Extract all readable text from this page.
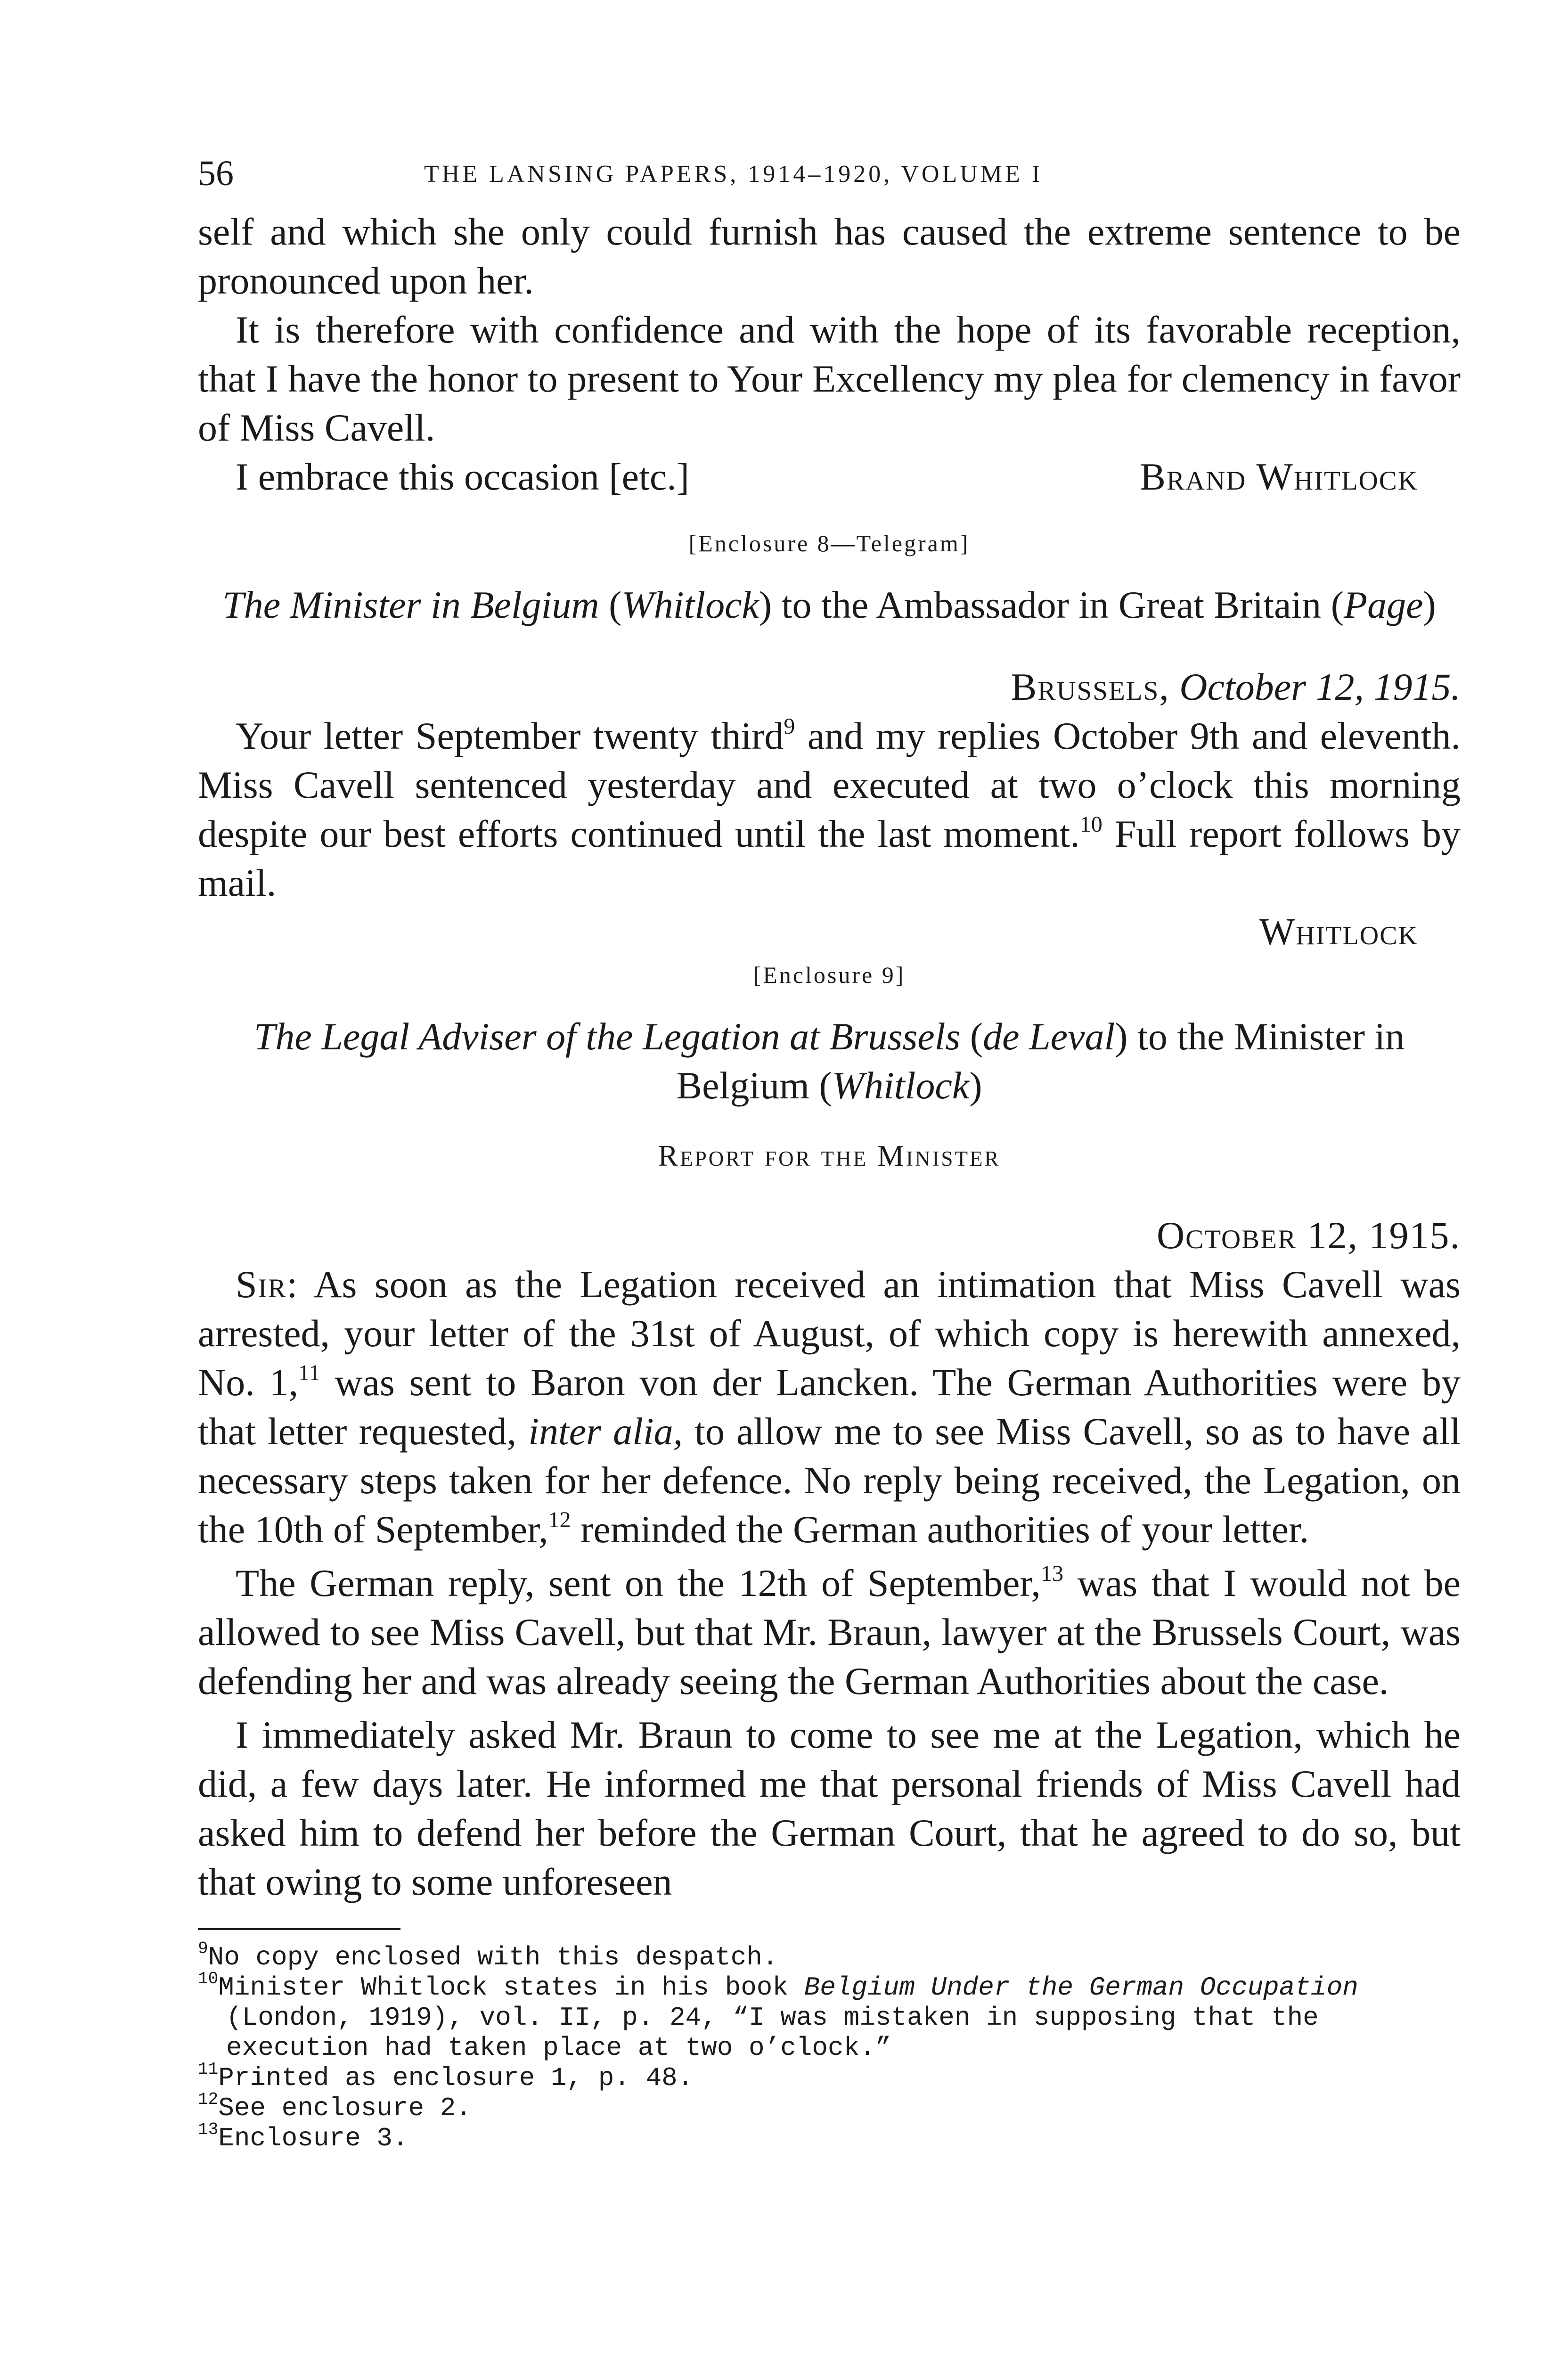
56	THE LANSING PAPERS, 1914–1920, VOLUME I

self and which she only could furnish has caused the extreme sentence to be pronounced upon her.

It is therefore with confidence and with the hope of its favorable reception, that I have the honor to present to Your Excellency my plea for clemency in favor of Miss Cavell.

I embrace this occasion [etc.]	Brand Whitlock
[Enclosure 8—Telegram]

The Minister in Belgium (Whitlock) to the Ambassador in Great Britain (Page)

Brussels, October 12, 1915.

Your letter September twenty third$^9$ and my replies October 9th and eleventh. Miss Cavell sentenced yesterday and executed at two o’clock this morning despite our best efforts continued until the last moment.$^{10}$ Full report follows by mail.

Whitlock

[Enclosure 9]

The Legal Adviser of the Legation at Brussels (de Leval) to the Minister in Belgium (Whitlock)

Report for the Minister

October 12, 1915.

Sir: As soon as the Legation received an intimation that Miss Cavell was arrested, your letter of the 31st of August, of which copy is herewith annexed, No. 1,11 was sent to Baron von der Lancken. The German Authorities were by that letter requested, inter alia, to allow me to see Miss Cavell, so as to have all necessary steps taken for her defence. No reply being received, the Legation, on the 10th of September,$^{12}$ reminded the German authorities of your letter.

The German reply, sent on the 12th of September,$^{13}$ was that I would not be allowed to see Miss Cavell, but that Mr. Braun, lawyer at the Brussels Court, was defending her and was already seeing the German Authorities about the case.

I immediately asked Mr. Braun to come to see me at the Legation, which he did, a few days later. He informed me that personal friends of Miss Cavell had asked him to defend her before the German Court, that he agreed to do so, but that owing to some unforeseen

$^9$No copy enclosed with this despatch.

$^{10}$Minister Whitlock states in his book Belgium Under the German Occupation (London, 1919), vol. II, p. 24, “I was mistaken in supposing that the execution had taken place at two o’clock.”

$^{11}$Printed as enclosure 1, p. 48.

$^{12}$See enclosure 2.

$^{13}$Enclosure 3.
